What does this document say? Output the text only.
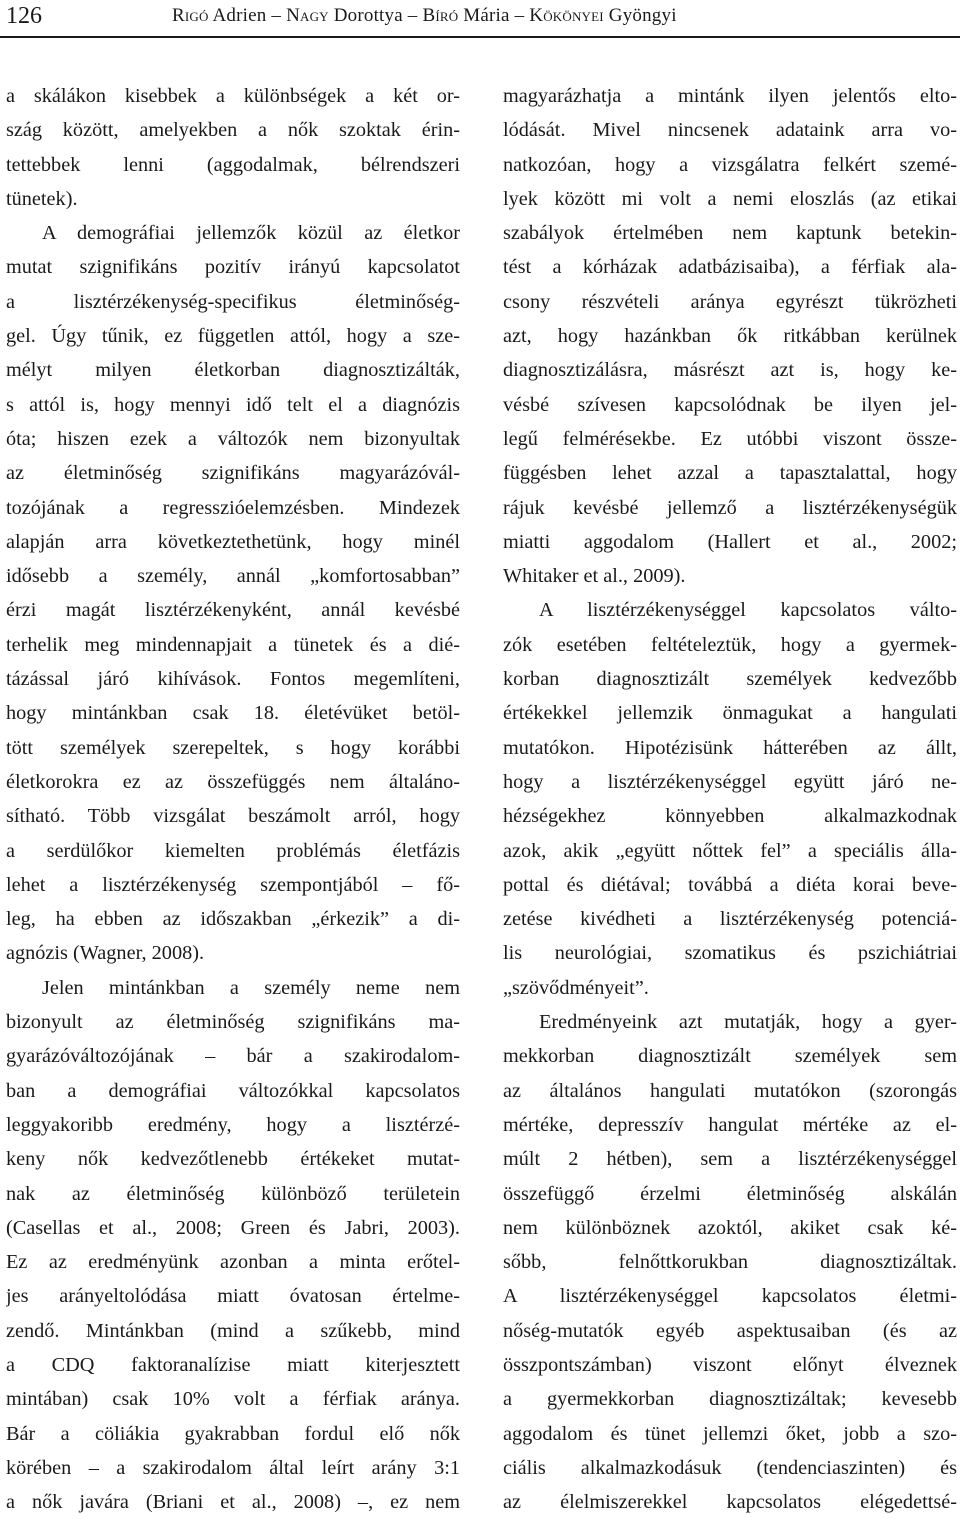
126	Rigó Adrien – Nagy Dorottya – Bíró Mária – Kökönyei Gyöngyi
a skálákon kisebbek a különbségek a két or-
szág között, amelyekben a nők szoktak érin-
tettebbek lenni (aggodalmak, bélrendszeri
tünetek).
A demográfiai jellemzők közül az életkor
mutat szignifikáns pozitív irányú kapcsolatot
a lisztérzékenység-specifikus életminőség-
gel. Úgy tűnik, ez független attól, hogy a sze-
mélyt milyen életkorban diagnosztizálták,
s attól is, hogy mennyi idő telt el a diagnózis
óta; hiszen ezek a változók nem bizonyultak
az életminőség szignifikáns magyarázóvál-
tozójának a regresszióelemzésben. Mindezek
alapján arra következtethetünk, hogy minél
idősebb a személy, annál „komfortosabban”
érzi magát lisztérzékenyként, annál kevésbé
terhelik meg mindennapjait a tünetek és a dié-
tázással járó kihívások. Fontos megemlíteni,
hogy mintánkban csak 18. életévüket betöl-
tött személyek szerepeltek, s hogy korábbi
életkorokra ez az összefüggés nem általáno-
sítható. Több vizsgálat beszámolt arról, hogy
a serdülőkor kiemelten problémás életfázis
lehet a lisztérzékenység szempontjából – fő-
leg, ha ebben az időszakban „érkezik” a di-
agnózis (Wagner, 2008).
Jelen mintánkban a személy neme nem
bizonyult az életminőség szignifikáns ma-
gyarázóváltozójának – bár a szakirodalom-
ban a demográfiai változókkal kapcsolatos
leggyakoribb eredmény, hogy a lisztérzé-
keny nők kedvezőtlenebb értékeket mutat-
nak az életminőség különböző területein
(Casellas et al., 2008; Green és Jabri, 2003).
Ez az eredményünk azonban a minta erőtel-
jes arányeltolódása miatt óvatosan értelme-
zendő. Mintánkban (mind a szűkebb, mind
a CDQ faktoranalízise miatt kiterjesztett
mintában) csak 10% volt a férfiak aránya.
Bár a cöliákia gyakrabban fordul elő nők
körében – a szakirodalom által leírt arány 3:1
a nők javára (Briani et al., 2008) –, ez nem
magyarázhatja a mintánk ilyen jelentős elto-
lódását. Mivel nincsenek adataink arra vo-
natkozóan, hogy a vizsgálatra felkért szemé-
lyek között mi volt a nemi eloszlás (az etikai
szabályok értelmében nem kaptunk betekin-
tést a kórházak adatbázisaiba), a férfiak ala-
csony részvételi aránya egyrészt tükrözheti
azt, hogy hazánkban ők ritkábban kerülnek
diagnosztizálásra, másrészt azt is, hogy ke-
vésbé szívesen kapcsolódnak be ilyen jel-
legű felmérésekbe. Ez utóbbi viszont össze-
függésben lehet azzal a tapasztalattal, hogy
rájuk kevésbé jellemző a lisztérzékenységük
miatti aggodalom (Hallert et al., 2002;
Whitaker et al., 2009).
A lisztérzékenységgel kapcsolatos válto-
zók esetében feltételeztük, hogy a gyermek-
korban diagnosztizált személyek kedvezőbb
értékekkel jellemzik önmagukat a hangulati
mutatókon. Hipotézisünk hátterében az állt,
hogy a lisztérzékenységgel együtt járó ne-
hézségekhez könnyebben alkalmazkodnak
azok, akik „együtt nőttek fel” a speciális álla-
pottal és diétával; továbbá a diéta korai beve-
zetése kivédheti a lisztérzékenység potenciá-
lis neurológiai, szomatikus és pszichiátriai
„szövődményeit”.
Eredményeink azt mutatják, hogy a gyer-
mekkorban diagnosztizált személyek sem
az általános hangulati mutatókon (szorongás
mértéke, depresszív hangulat mértéke az el-
múlt 2 hétben), sem a lisztérzékenységgel
összefüggő érzelmi életminőség alskálán
nem különböznek azoktól, akiket csak ké-
sőbb, felnőttkorukban diagnosztizáltak.
A lisztérzékenységgel kapcsolatos életmi-
nőség-mutatók egyéb aspektusaiban (és az
összpontszámban) viszont előnyt élveznek
a gyermekkorban diagnosztizáltak; kevesebb
aggodalom és tünet jellemzi őket, jobb a szo-
ciális alkalmazkodásuk (tendenciaszinten) és
az élelmiszerekkel kapcsolatos elégedettsé-
